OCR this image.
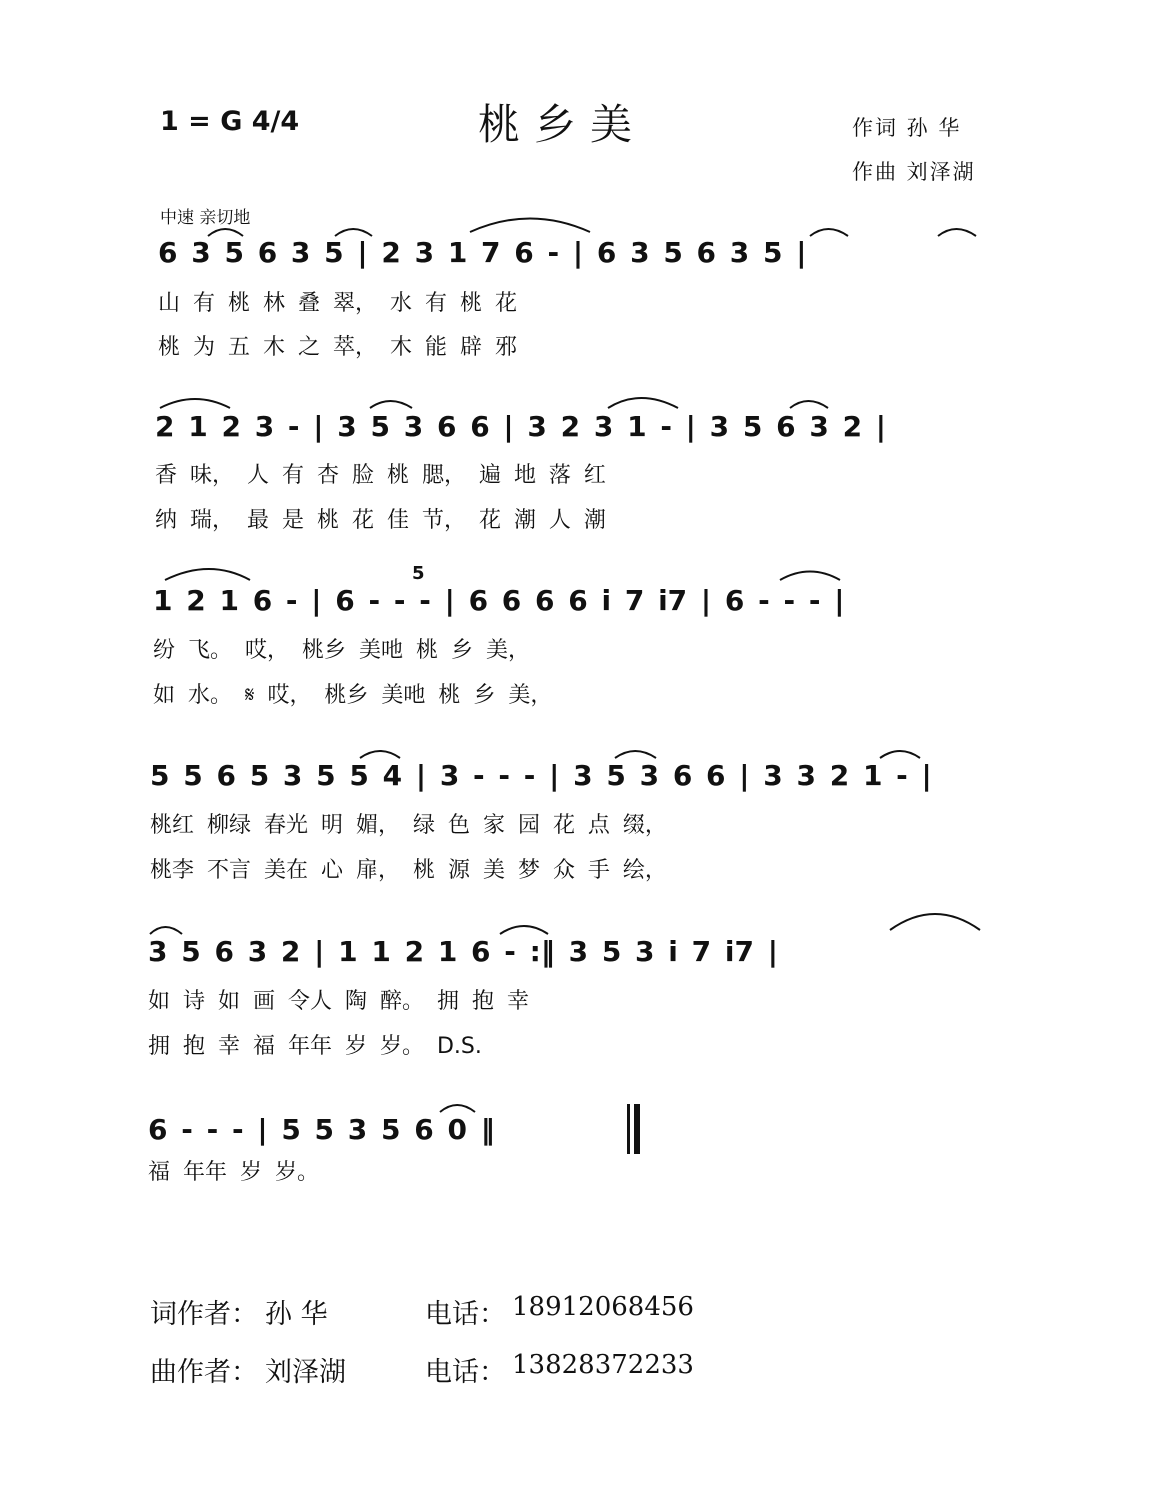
1 = G 4/4	桃乡美	作词 孙 华
作曲 刘泽湖
中速 亲切地
6 3 5 6 3 5 | 2 3 1 7 6 - | 6 3 5 6 3 5 |
山 有 桃 林 叠 翠， 水 有 桃 花
桃 为 五 木 之 萃， 木 能 辟 邪
2 1 2 3 - | 3 5 3 6 6 | 3 2 3 1 - | 3 5 6 3 2 |
香 味， 人 有 杏 脸 桃 腮， 遍 地 落 红
纳 瑞， 最 是 桃 花 佳 节， 花 潮 人 潮
5
1 2 1 6 - | 6 - - - | 6 6 6 6 i 7 i7 | 6 - - - |
纷 飞。 哎， 桃乡 美吔 桃 乡 美，
如 水。 𝄋 哎， 桃乡 美吔 桃 乡 美，
5 5 6 5 3 5 5 4 | 3 - - - | 3 5 3 6 6 | 3 3 2 1 - |
桃红 柳绿 春光 明 媚， 绿 色 家 园 花 点 缀，
桃李 不言 美在 心 扉， 桃 源 美 梦 众 手 绘，
3 5 6 3 2 | 1 1 2 1 6 - :‖ 3 5 3 i 7 i7 |
如 诗 如 画 令人 陶 醉。 拥 抱 幸
拥 抱 幸 福 年年 岁 岁。 D.S.
6 - - - | 5 5 3 5 6 0 ‖
福 年年 岁 岁。
词作者： 孙 华	电话： 18912068456
曲作者： 刘泽湖	电话： 13828372233
